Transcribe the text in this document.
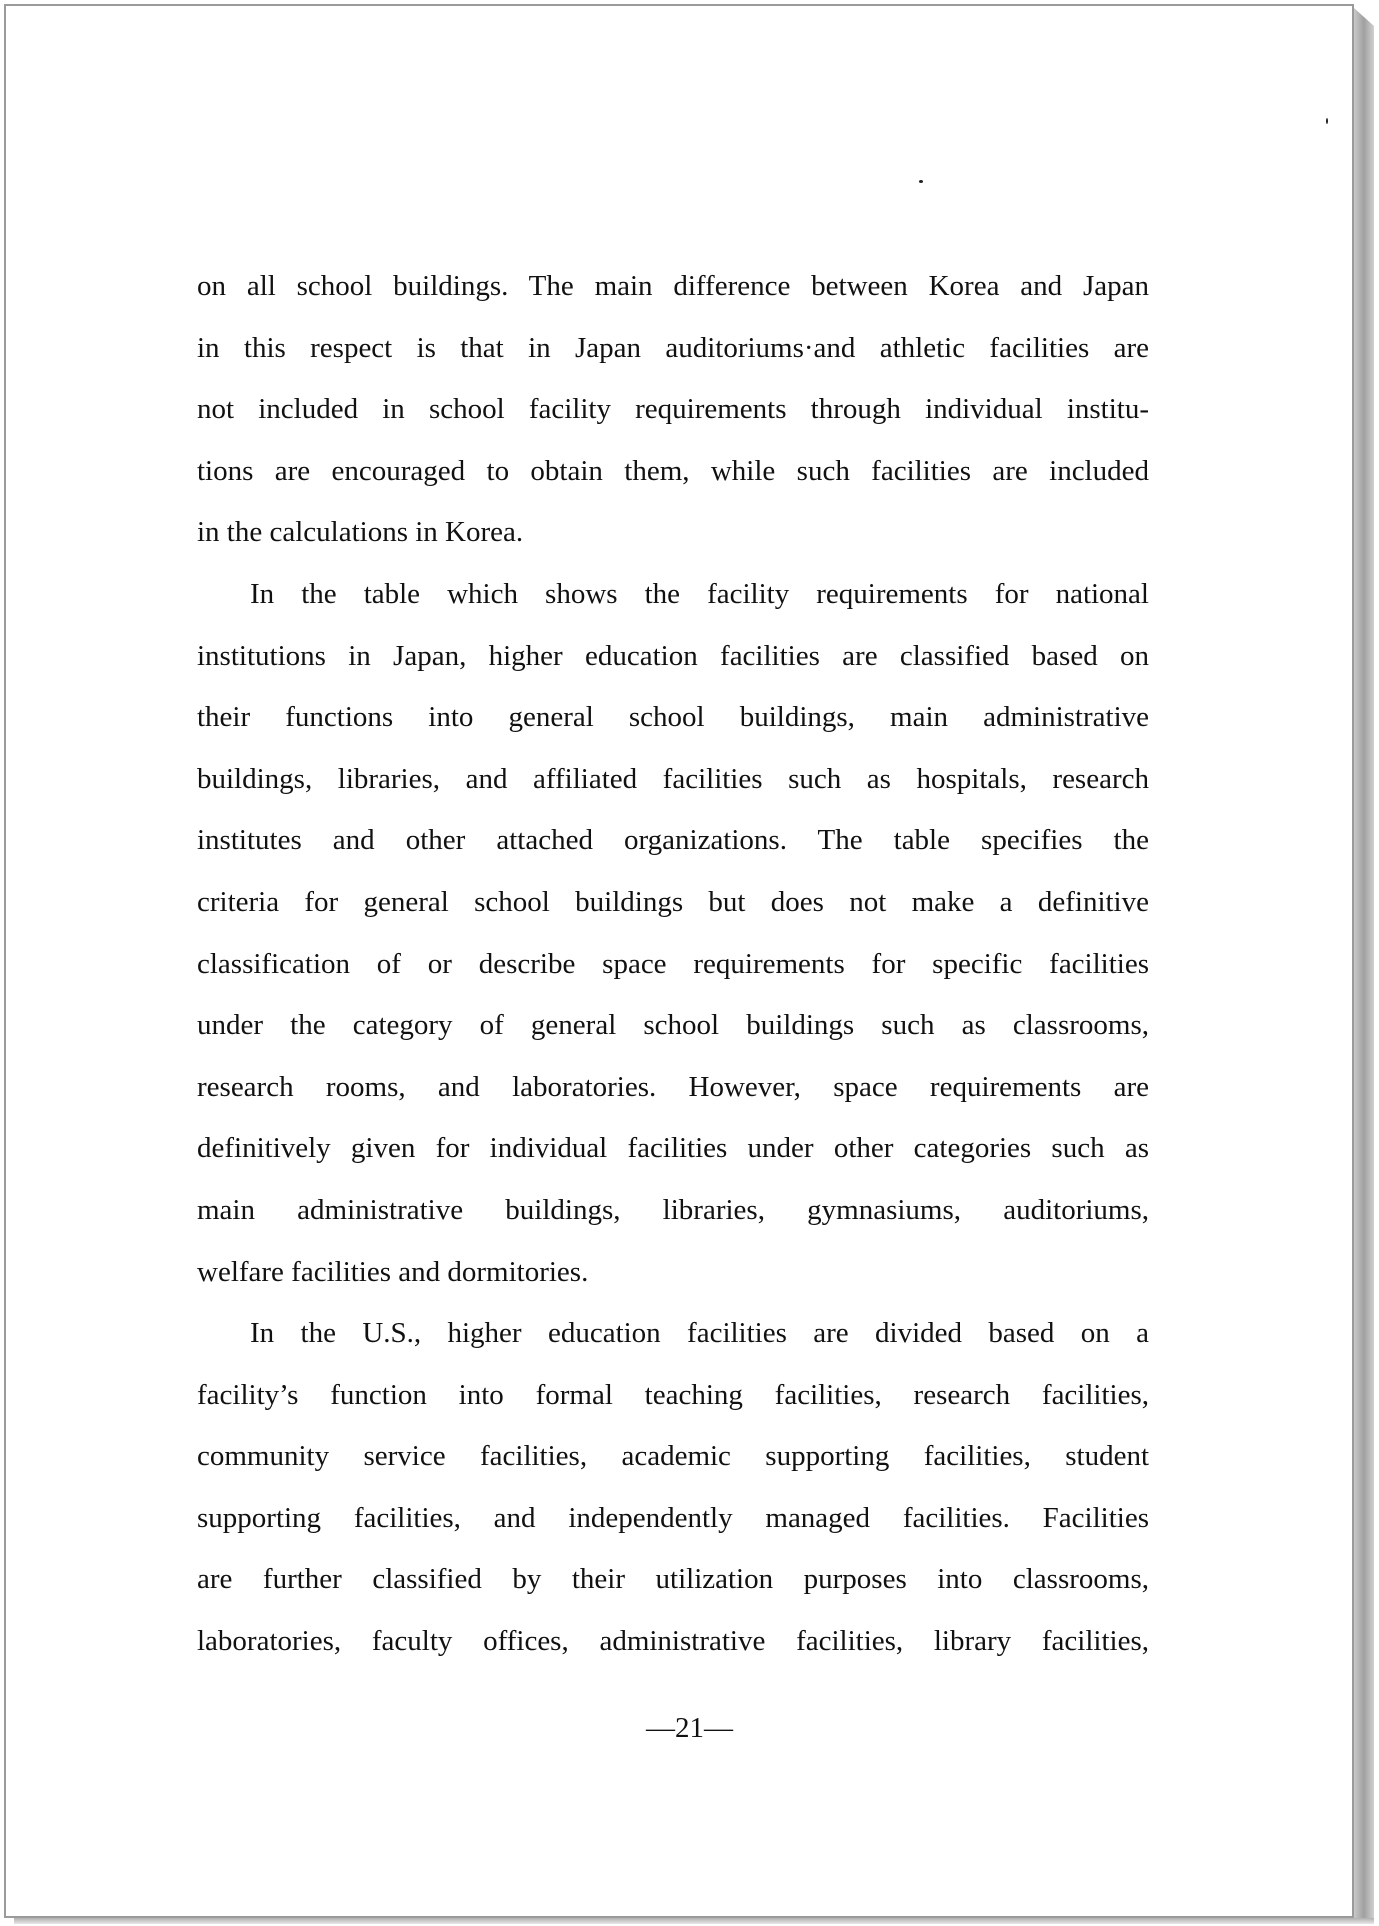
on all school buildings. The main difference between Korea and Japan
in this respect is that in Japan auditoriums·and athletic facilities are
not included in school facility requirements through individual institu-
tions are encouraged to obtain them, while such facilities are included
in the calculations in Korea.
In the table which shows the facility requirements for national
institutions in Japan, higher education facilities are classified based on
their functions into general school buildings, main administrative
buildings, libraries, and affiliated facilities such as hospitals, research
institutes and other attached organizations. The table specifies the
criteria for general school buildings but does not make a definitive
classification of or describe space requirements for specific facilities
under the category of general school buildings such as classrooms,
research rooms, and laboratories. However, space requirements are
definitively given for individual facilities under other categories such as
main administrative buildings, libraries, gymnasiums, auditoriums,
welfare facilities and dormitories.
In the U.S., higher education facilities are divided based on a
facility’s function into formal teaching facilities, research facilities,
community service facilities, academic supporting facilities, student
supporting facilities, and independently managed facilities. Facilities
are further classified by their utilization purposes into classrooms,
laboratories, faculty offices, administrative facilities, library facilities,
—21—
